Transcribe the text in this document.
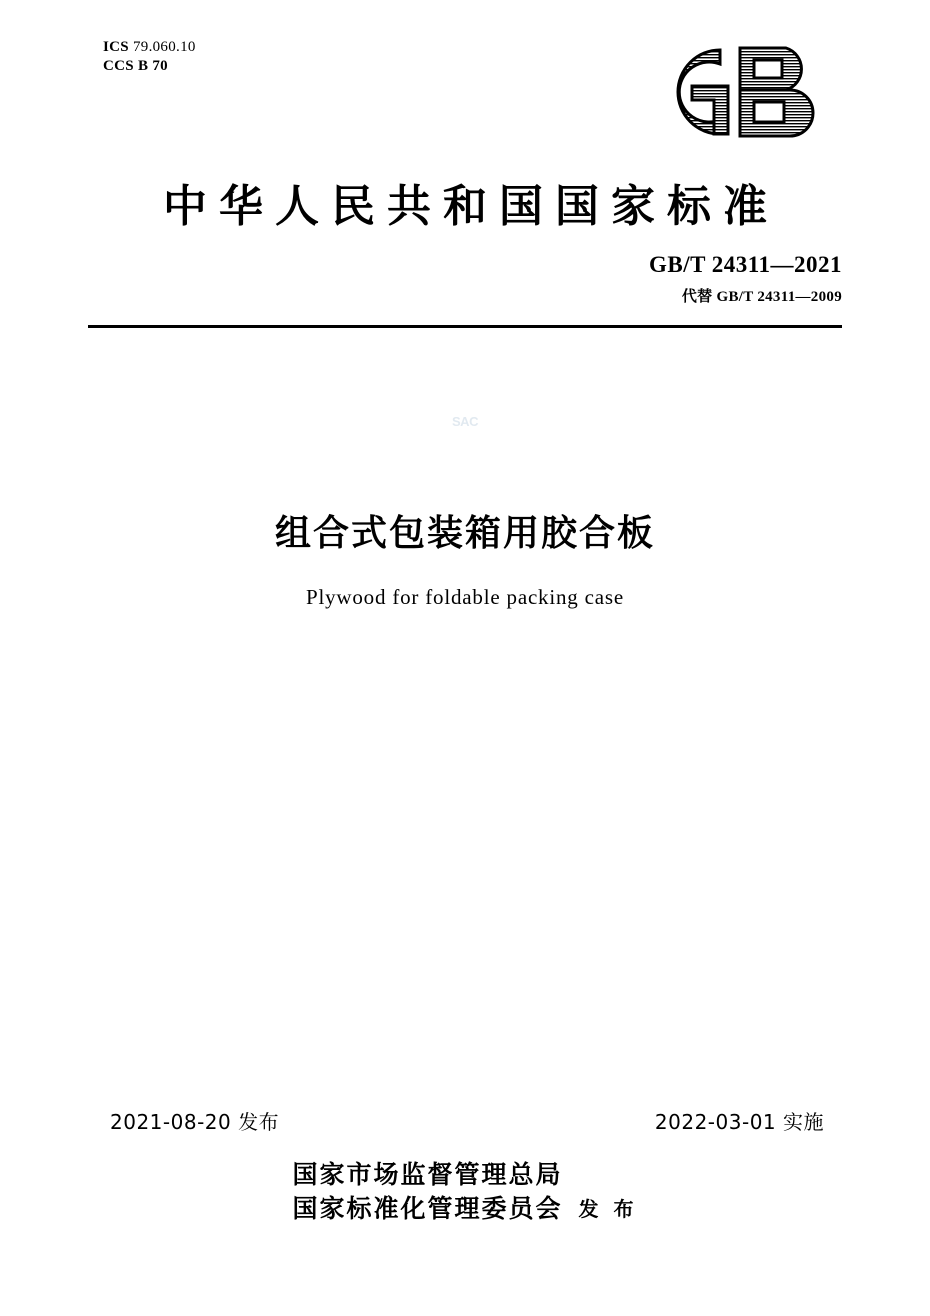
ICS 79.060.10
CCS B 70
中华人民共和国国家标准
GB/T 24311—2021
代替 GB/T 24311—2009
SAC
组合式包装箱用胶合板
Plywood for foldable packing case
2021-08-20 发布	2022-03-01 实施
国家市场监督管理总局
国家标准化管理委员会 发 布
